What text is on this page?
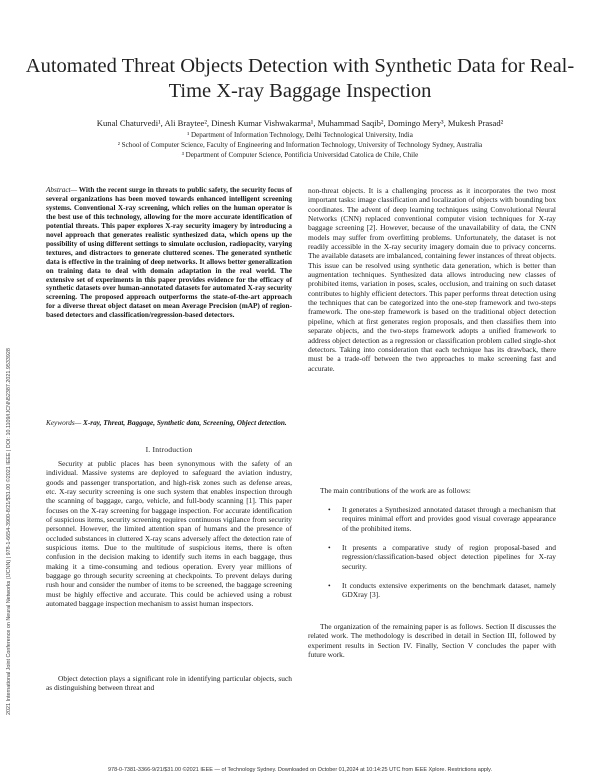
2021 International Joint Conference on Neural Networks (IJCNN) | 978-1-6654-3900-8/21/$31.00 ©2021 IEEE | DOI: 10.1109/IJCNN52387.2021.9533928
Automated Threat Objects Detection with Synthetic Data for Real-Time X-ray Baggage Inspection
Kunal Chaturvedi¹, Ali Braytee², Dinesh Kumar Vishwakarma¹, Muhammad Saqib², Domingo Mery³, Mukesh Prasad²
¹ Department of Information Technology, Delhi Technological University, India
² School of Computer Science, Faculty of Engineering and Information Technology, University of Technology Sydney, Australia
³ Department of Computer Science, Pontificia Universidad Catolica de Chile, Chile
Abstract— With the recent surge in threats to public safety, the security focus of several organizations has been moved towards enhanced intelligent screening systems. Conventional X-ray screening, which relies on the human operator is the best use of this technology, allowing for the more accurate identification of potential threats. This paper explores X-ray security imagery by introducing a novel approach that generates realistic synthesized data, which opens up the possibility of using different settings to simulate occlusion, radiopacity, varying textures, and distractors to generate cluttered scenes. The generated synthetic data is effective in the training of deep networks. It allows better generalization on training data to deal with domain adaptation in the real world. The extensive set of experiments in this paper provides evidence for the efficacy of synthetic datasets over human-annotated datasets for automated X-ray security screening. The proposed approach outperforms the state-of-the-art approach for a diverse threat object dataset on mean Average Precision (mAP) of region-based detectors and classification/regression-based detectors.
Keywords— X-ray, Threat, Baggage, Synthetic data, Screening, Object detection.
I. Introduction
Security at public places has been synonymous with the safety of an individual. Massive systems are deployed to safeguard the aviation industry, goods and passenger transportation, and high-risk zones such as defense areas, etc. X-ray security screening is one such system that enables inspection through the scanning of baggage, cargo, vehicle, and full-body scanning [1]. This paper focuses on the X-ray screening for baggage inspection. For accurate identification of suspicious items, security screening requires continuous vigilance from security personnel. However, the limited attention span of humans and the presence of occluded substances in cluttered X-ray scans adversely affect the detection rate of suspicious items. Due to the multitude of suspicious items, there is often confusion in the decision making to identify such items in each baggage, thus making it a time-consuming and tedious operation. Every year millions of baggage go through security screening at checkpoints. To prevent delays during rush hour and consider the number of items to be screened, the baggage screening must be highly effective and accurate. This could be achieved using a robust automated baggage inspection mechanism to assist human inspectors.
Object detection plays a significant role in identifying particular objects, such as distinguishing between threat and
non-threat objects. It is a challenging process as it incorporates the two most important tasks: image classification and localization of objects with bounding box coordinates. The advent of deep learning techniques using Convolutional Neural Networks (CNN) replaced conventional computer vision techniques for X-ray baggage screening [2]. However, because of the unavailability of data, the CNN models may suffer from overfitting problems. Unfortunately, the dataset is not readily accessible in the X-ray security imagery domain due to privacy concerns. The available datasets are imbalanced, containing fewer instances of threat objects. This issue can be resolved using synthetic data generation, which is better than augmentation techniques. Synthesized data allows introducing new classes of prohibited items, variation in poses, scales, occlusion, and training on such dataset contributes to highly efficient detectors. This paper performs threat detection using the techniques that can be categorized into the one-step framework and two-steps framework. The one-step framework is based on the traditional object detection pipeline, which at first generates region proposals, and then classifies them into separate objects, and the two-steps framework adopts a unified framework to address object detection as a regression or classification problem called single-shot detectors. Taking into consideration that each technique has its drawback, there must be a trade-off between the two approaches to make screening fast and accurate.
The main contributions of the work are as follows:
• It generates a Synthesized annotated dataset through a mechanism that requires minimal effort and provides good visual coverage appearance of the prohibited items.
• It presents a comparative study of region proposal-based and regression/classification-based object detection pipelines for X-ray security.
• It conducts extensive experiments on the benchmark dataset, namely GDXray [3].
The organization of the remaining paper is as follows. Section II discusses the related work. The methodology is described in detail in Section III, followed by experiment results in Section IV. Finally, Section V concludes the paper with future work.
978-0-7381-3366-9/21/$31.00 ©2021 IEEE — of Technology Sydney. Downloaded on October 01,2024 at 10:14:25 UTC from IEEE Xplore. Restrictions apply.
